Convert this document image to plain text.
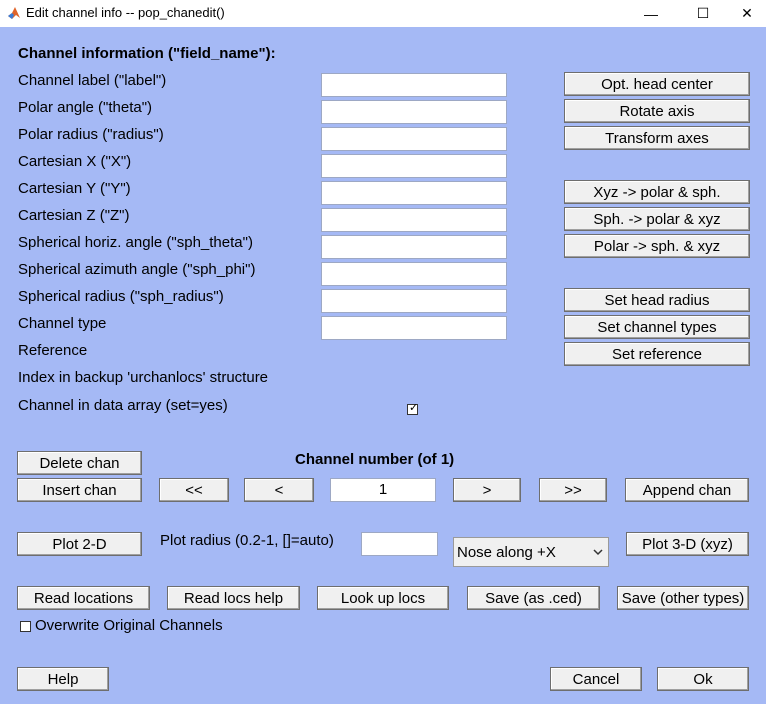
Edit channel info -- pop_chanedit()	—	☐ ✕
Channel information ("field_name"):
Channel label ("label")
Polar angle ("theta")
Polar radius ("radius")
Cartesian X ("X")
Cartesian Y ("Y")
Cartesian Z ("Z")
Spherical horiz. angle ("sph_theta")
Spherical azimuth angle ("sph_phi")
Spherical radius ("sph_radius")
Channel type
Reference
Index in backup 'urchanlocs' structure
Channel in data array (set=yes)	✓
Opt. head center
Rotate axis
Transform axes
Xyz -> polar & sph.
Sph. -> polar & xyz
Polar -> sph. & xyz
Set head radius
Set channel types
Set reference
Delete chan	Channel number (of 1)
Insert chan	<<	<	1	>	>>	Append chan
Plot 2-D	Plot radius (0.2-1, []=auto)
Nose along +X	Plot 3-D (xyz)
Read locations	Read locs help	Look up locs	Save (as .ced)	Save (other types)
Overwrite Original Channels
Help	Cancel	Ok
